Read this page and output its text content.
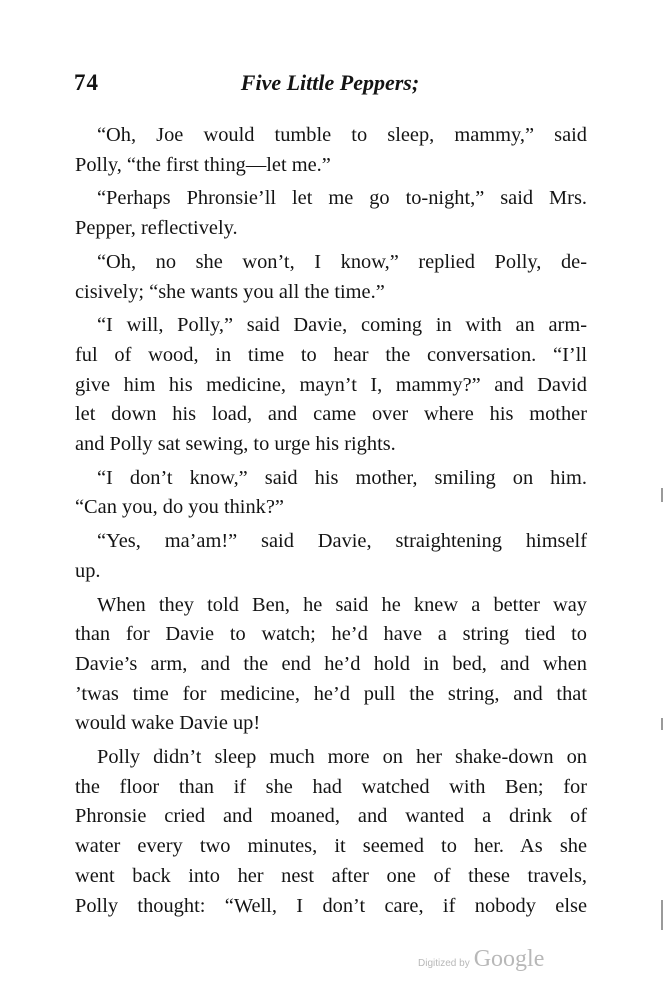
74	Five Little Peppers;

“Oh, Joe would tumble to sleep, mammy,” said
Polly, “the first thing—let me.”

“Perhaps Phronsie’ll let me go to-night,” said Mrs.
Pepper, reflectively.

“Oh, no she won’t, I know,” replied Polly, de-
cisively; “she wants you all the time.”

“I will, Polly,” said Davie, coming in with an arm-
ful of wood, in time to hear the conversation. “I’ll
give him his medicine, mayn’t I, mammy?” and David
let down his load, and came over where his mother
and Polly sat sewing, to urge his rights.

“I don’t know,” said his mother, smiling on him.
“Can you, do you think?”

“Yes, ma’am!” said Davie, straightening himself
up.

When they told Ben, he said he knew a better way
than for Davie to watch; he’d have a string tied to
Davie’s arm, and the end he’d hold in bed, and when
’twas time for medicine, he’d pull the string, and that
would wake Davie up!

Polly didn’t sleep much more on her shake-down on
the floor than if she had watched with Ben; for
Phronsie cried and moaned, and wanted a drink of
water every two minutes, it seemed to her. As she
went back into her nest after one of these travels,
Polly thought: “Well, I don’t care, if nobody else

Digitized by Google
